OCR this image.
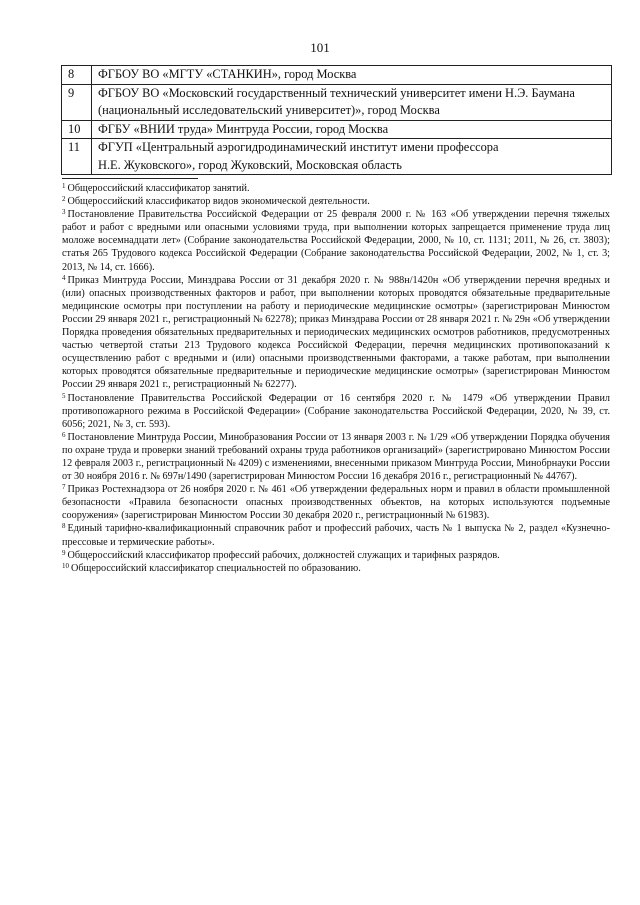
101
8	ФГБОУ ВО «МГТУ «СТАНКИН», город Москва

9	ФГБОУ ВО «Московский государственный технический университет имени Н.Э. Баумана
(национальный исследовательский университет)», город Москва

10	ФГБУ «ВНИИ труда» Минтруда России, город Москва

11	ФГУП «Центральный аэрогидродинамический институт имени профессора
Н.Е. Жуковского», город Жуковский, Московская область

$^1$ Общероссийский классификатор занятий.

$^2$ Общероссийский классификатор видов экономической деятельности.

$^3$ Постановление Правительства Российской Федерации от 25 февраля 2000 г. № 163 «Об утверждении перечня тяжелых работ и работ с вредными или опасными условиями труда, при выполнении которых запрещается применение труда лиц моложе восемнадцати лет» (Собрание законодательства Российской Федерации, 2000, № 10, ст. 1131; 2011, № 26, ст. 3803); статья 265 Трудового кодекса Российской Федерации (Собрание законодательства Российской Федерации, 2002, № 1, ст. 3; 2013, № 14, ст. 1666).

$^4$ Приказ Минтруда России, Минздрава России от 31 декабря 2020 г. № 988н/1420н «Об утверждении перечня вредных и (или) опасных производственных факторов и работ, при выполнении которых проводятся обязательные предварительные медицинские осмотры при поступлении на работу и периодические медицинские осмотры» (зарегистрирован Минюстом России 29 января 2021 г., регистрационный № 62278); приказ Минздрава России от 28 января 2021 г. № 29н «Об утверждении Порядка проведения обязательных предварительных и периодических медицинских осмотров работников, предусмотренных частью четвертой статьи 213 Трудового кодекса Российской Федерации, перечня медицинских противопоказаний к осуществлению работ с вредными и (или) опасными производственными факторами, а также работам, при выполнении которых проводятся обязательные предварительные и периодические медицинские осмотры» (зарегистрирован Минюстом России 29 января 2021 г., регистрационный № 62277).

$^5$ Постановление Правительства Российской Федерации от 16 сентября 2020 г. № 1479 «Об утверждении Правил противопожарного режима в Российской Федерации» (Собрание законодательства Российской Федерации, 2020, № 39, ст. 6056; 2021, № 3, ст. 593).

$^6$ Постановление Минтруда России, Минобразования России от 13 января 2003 г. № 1/29 «Об утверждении Порядка обучения по охране труда и проверки знаний требований охраны труда работников организаций» (зарегистрировано Минюстом России 12 февраля 2003 г., регистрационный № 4209) с изменениями, внесенными приказом Минтруда России, Минобрнауки России от 30 ноября 2016 г. № 697н/1490 (зарегистрирован Минюстом России 16 декабря 2016 г., регистрационный № 44767).

$^7$ Приказ Ростехнадзора от 26 ноября 2020 г. № 461 «Об утверждении федеральных норм и правил в области промышленной безопасности «Правила безопасности опасных производственных объектов, на которых используются подъемные сооружения» (зарегистрирован Минюстом России 30 декабря 2020 г., регистрационный № 61983).

$^8$ Единый тарифно-квалификационный справочник работ и профессий рабочих, часть № 1 выпуска № 2, раздел «Кузнечно-прессовые и термические работы».

$^9$ Общероссийский классификатор профессий рабочих, должностей служащих и тарифных разрядов.

$^{10}$ Общероссийский классификатор специальностей по образованию.
